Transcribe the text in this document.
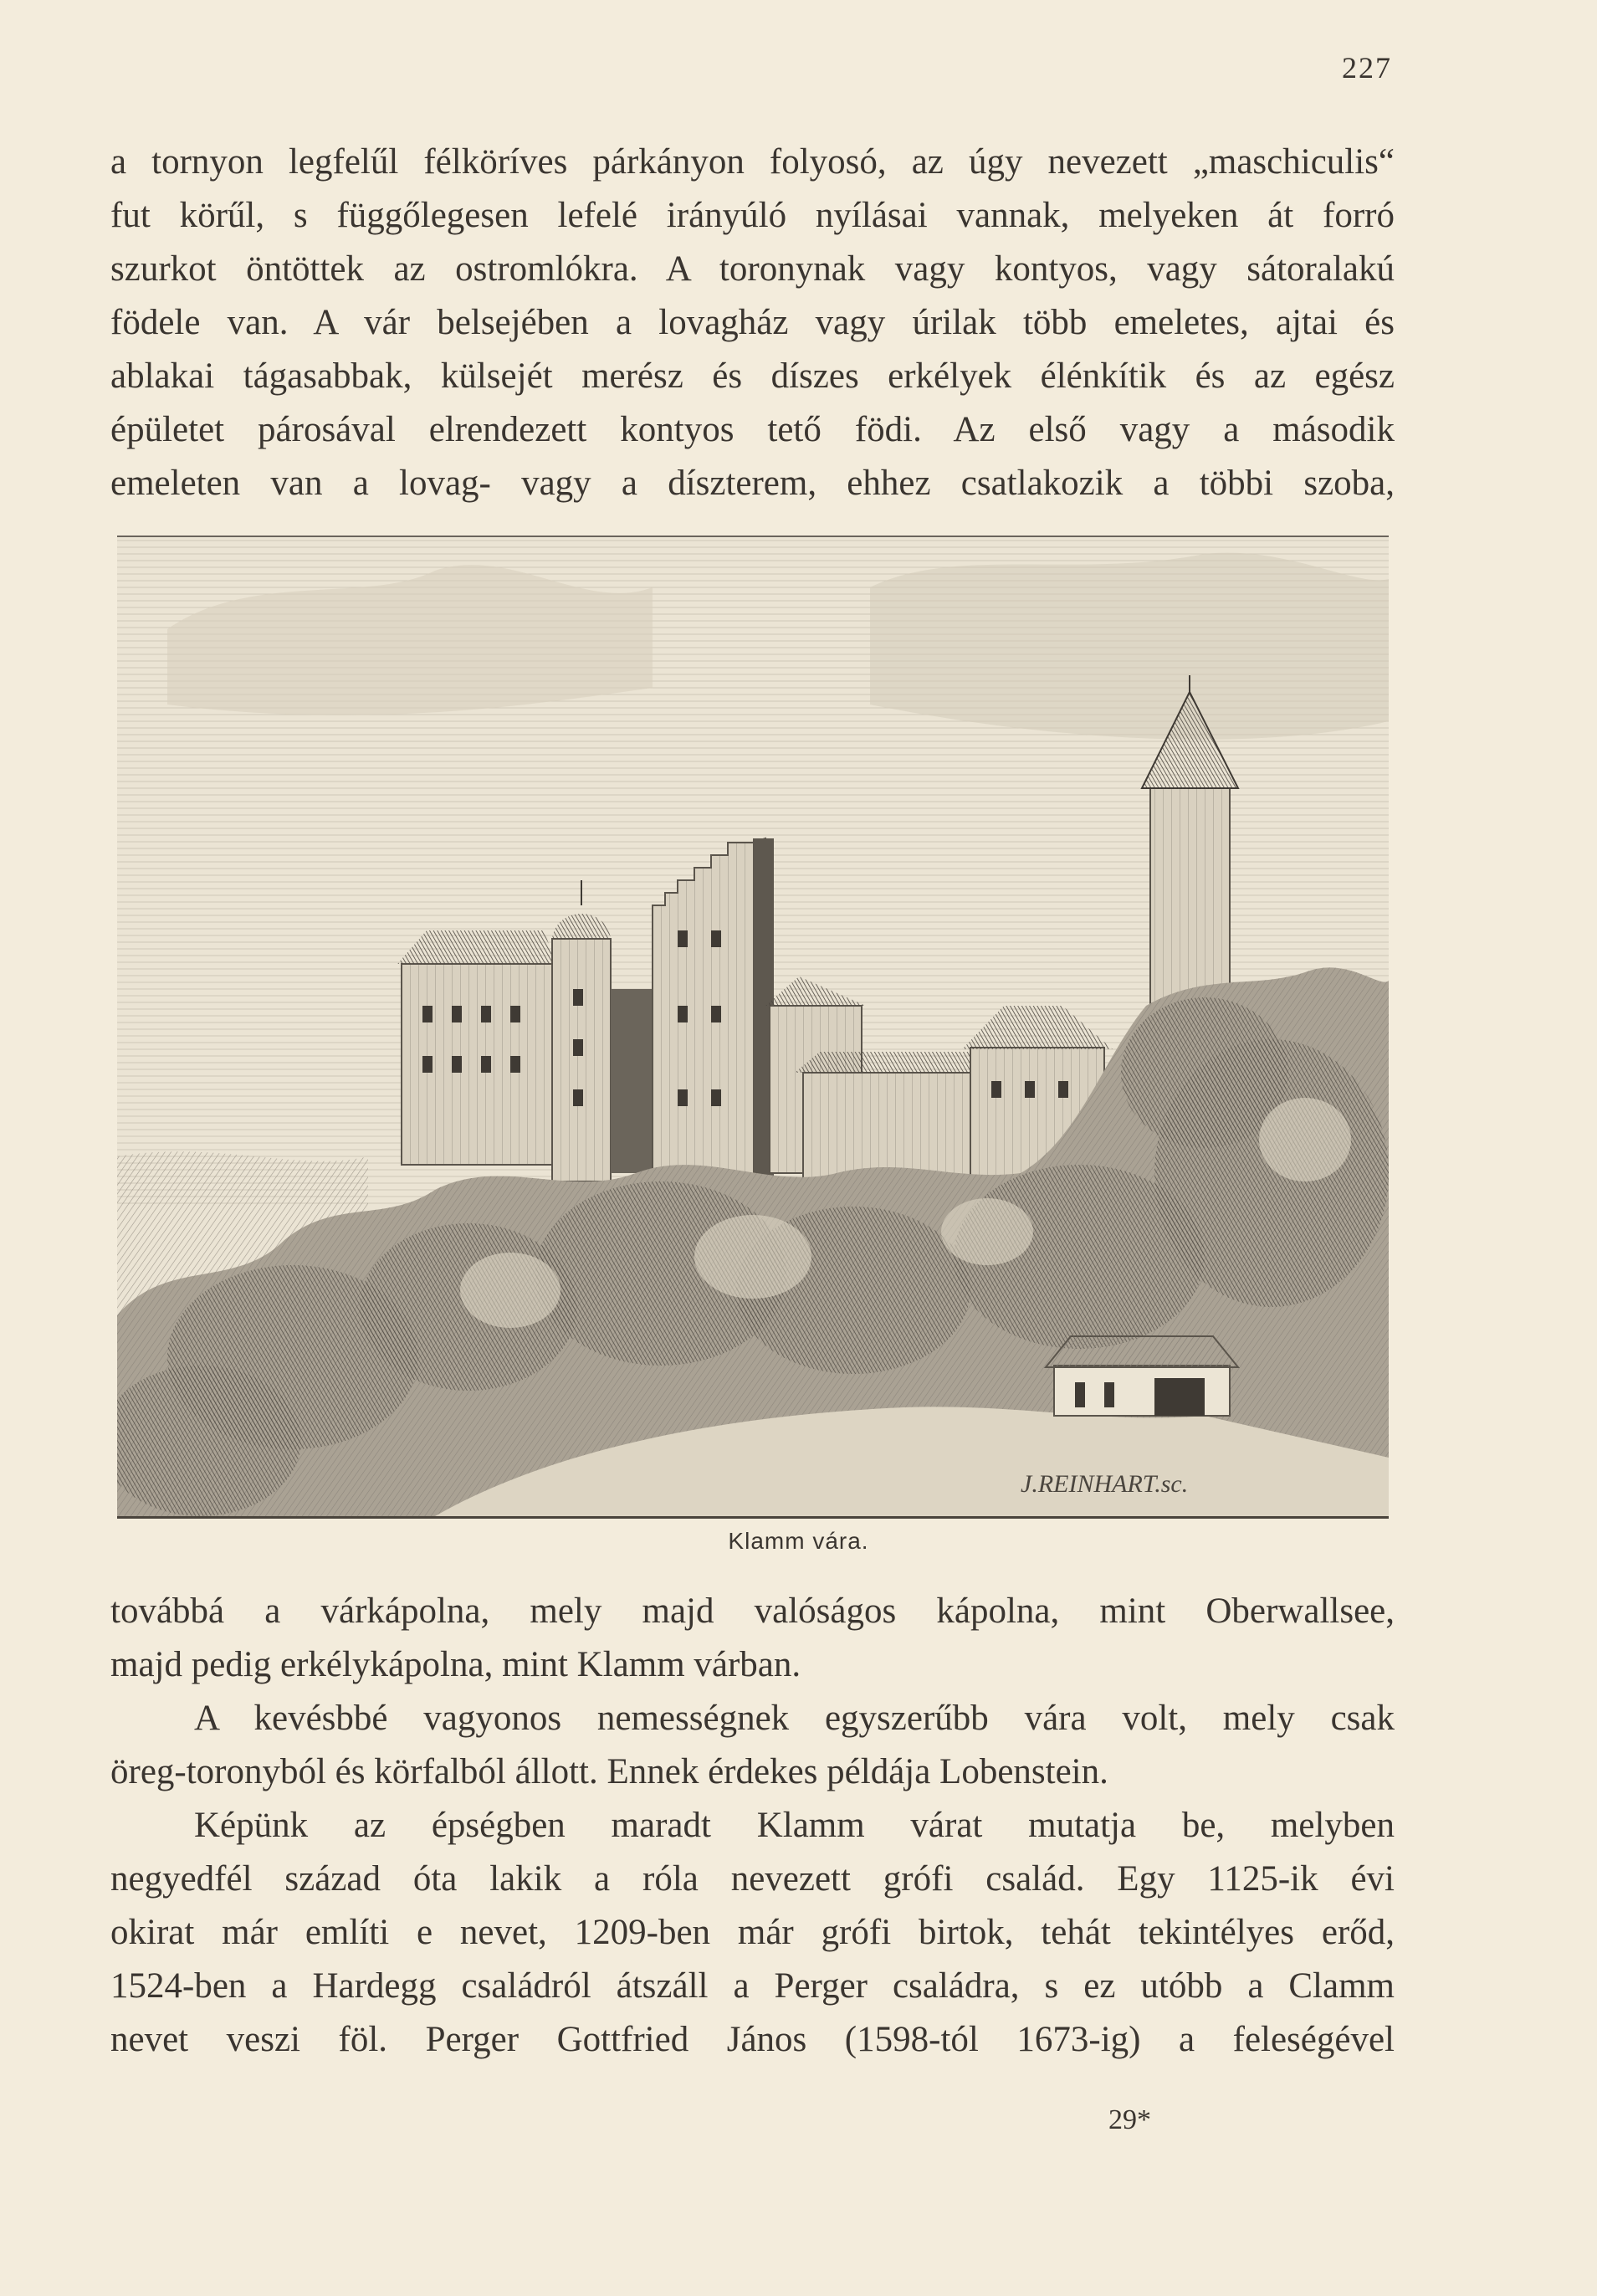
227
a tornyon legfelűl félköríves párkányon folyosó, az úgy nevezett „maschiculis“
fut körűl, s függőlegesen lefelé irányúló nyílásai vannak, melyeken át forró
szurkot öntöttek az ostromlókra. A toronynak vagy kontyos, vagy sátoralakú
födele van. A vár belsejében a lovagház vagy úrilak több emeletes, ajtai és
ablakai tágasabbak, külsejét merész és díszes erkélyek élénkítik és az egész
épületet párosával elrendezett kontyos tető födi. Az első vagy a második
emeleten van a lovag- vagy a díszterem, ehhez csatlakozik a többi szoba,
J.REINHART.sc.
Klamm vára.
továbbá a várkápolna, mely majd valóságos kápolna, mint Oberwallsee,
majd pedig erkélykápolna, mint Klamm várban.
A kevésbbé vagyonos nemességnek egyszerűbb vára volt, mely csak
öreg-toronyból és körfalból állott. Ennek érdekes példája Lobenstein.
Képünk az épségben maradt Klamm várat mutatja be, melyben
negyedfél század óta lakik a róla nevezett grófi család. Egy 1125-ik évi
okirat már említi e nevet, 1209-ben már grófi birtok, tehát tekintélyes erőd,
1524-ben a Hardegg családról átszáll a Perger családra, s ez utóbb a Clamm
nevet veszi föl. Perger Gottfried János (1598-tól 1673-ig) a feleségével
29*
